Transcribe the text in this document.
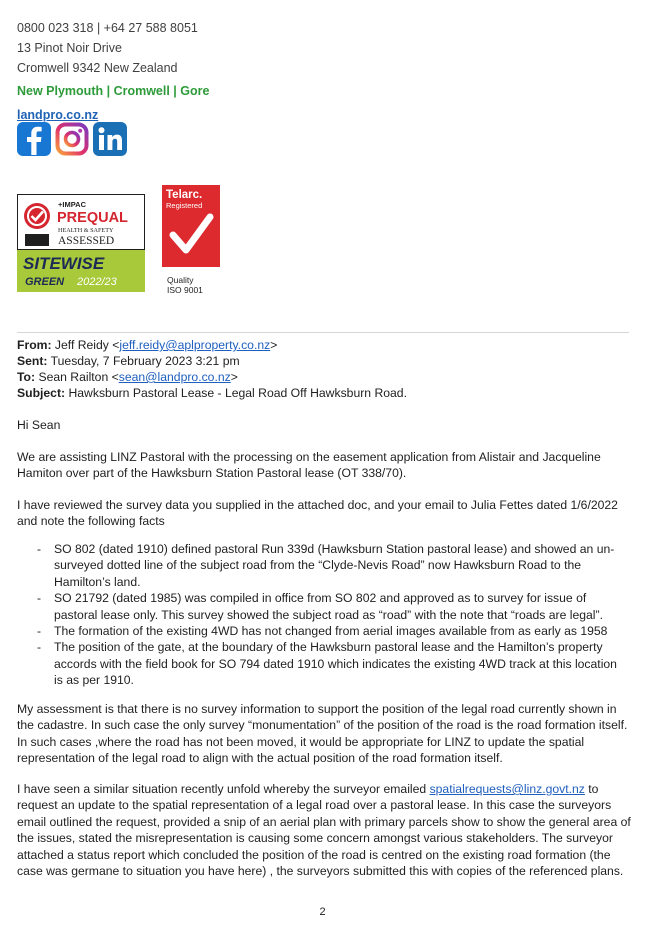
0800 023 318 | +64 27 588 8051
13 Pinot Noir Drive
Cromwell 9342 New Zealand
New Plymouth | Cromwell | Gore
landpro.co.nz
+IMPAC
PREQUAL
HEALTH & SAFETY
ASSESSED
SITEWISE
GREEN 2022/23
Telarc.
Registered
Quality
ISO 9001
From: Jeff Reidy <jeff.reidy@aplproperty.co.nz>
Sent: Tuesday, 7 February 2023 3:21 pm
To: Sean Railton <sean@landpro.co.nz>
Subject: Hawksburn Pastoral Lease - Legal Road Off Hawksburn Road.

Hi Sean

We are assisting LINZ Pastoral with the processing on the easement application from Alistair and Jacqueline Hamiton over part of the Hawksburn Station Pastoral lease (OT 338/70).

I have reviewed the survey data you supplied in the attached doc, and your email to Julia Fettes dated 1/6/2022 and note the following facts

- SO 802 (dated 1910) defined pastoral Run 339d (Hawksburn Station pastoral lease) and showed an un-surveyed dotted line of the subject road from the “Clyde-Nevis Road” now Hawksburn Road to the Hamilton’s land.
- SO 21792 (dated 1985) was compiled in office from SO 802 and approved as to survey for issue of pastoral lease only. This survey showed the subject road as “road” with the note that “roads are legal”.
- The formation of the existing 4WD has not changed from aerial images available from as early as 1958
- The position of the gate, at the boundary of the Hawksburn pastoral lease and the Hamilton’s property accords with the field book for SO 794 dated 1910 which indicates the existing 4WD track at this location is as per 1910.

My assessment is that there is no survey information to support the position of the legal road currently shown in the cadastre. In such case the only survey “monumentation” of the position of the road is the road formation itself. In such cases ,where the road has not been moved, it would be appropriate for LINZ to update the spatial representation of the legal road to align with the actual position of the road formation itself.

I have seen a similar situation recently unfold whereby the surveyor emailed spatialrequests@linz.govt.nz to request an update to the spatial representation of a legal road over a pastoral lease. In this case the surveyors email outlined the request, provided a snip of an aerial plan with primary parcels show to show the general area of the issues, stated the misrepresentation is causing some concern amongst various stakeholders. The surveyor attached a status report which concluded the position of the road is centred on the existing road formation (the case was germane to situation you have here) , the surveyors submitted this with copies of the referenced plans.

2
